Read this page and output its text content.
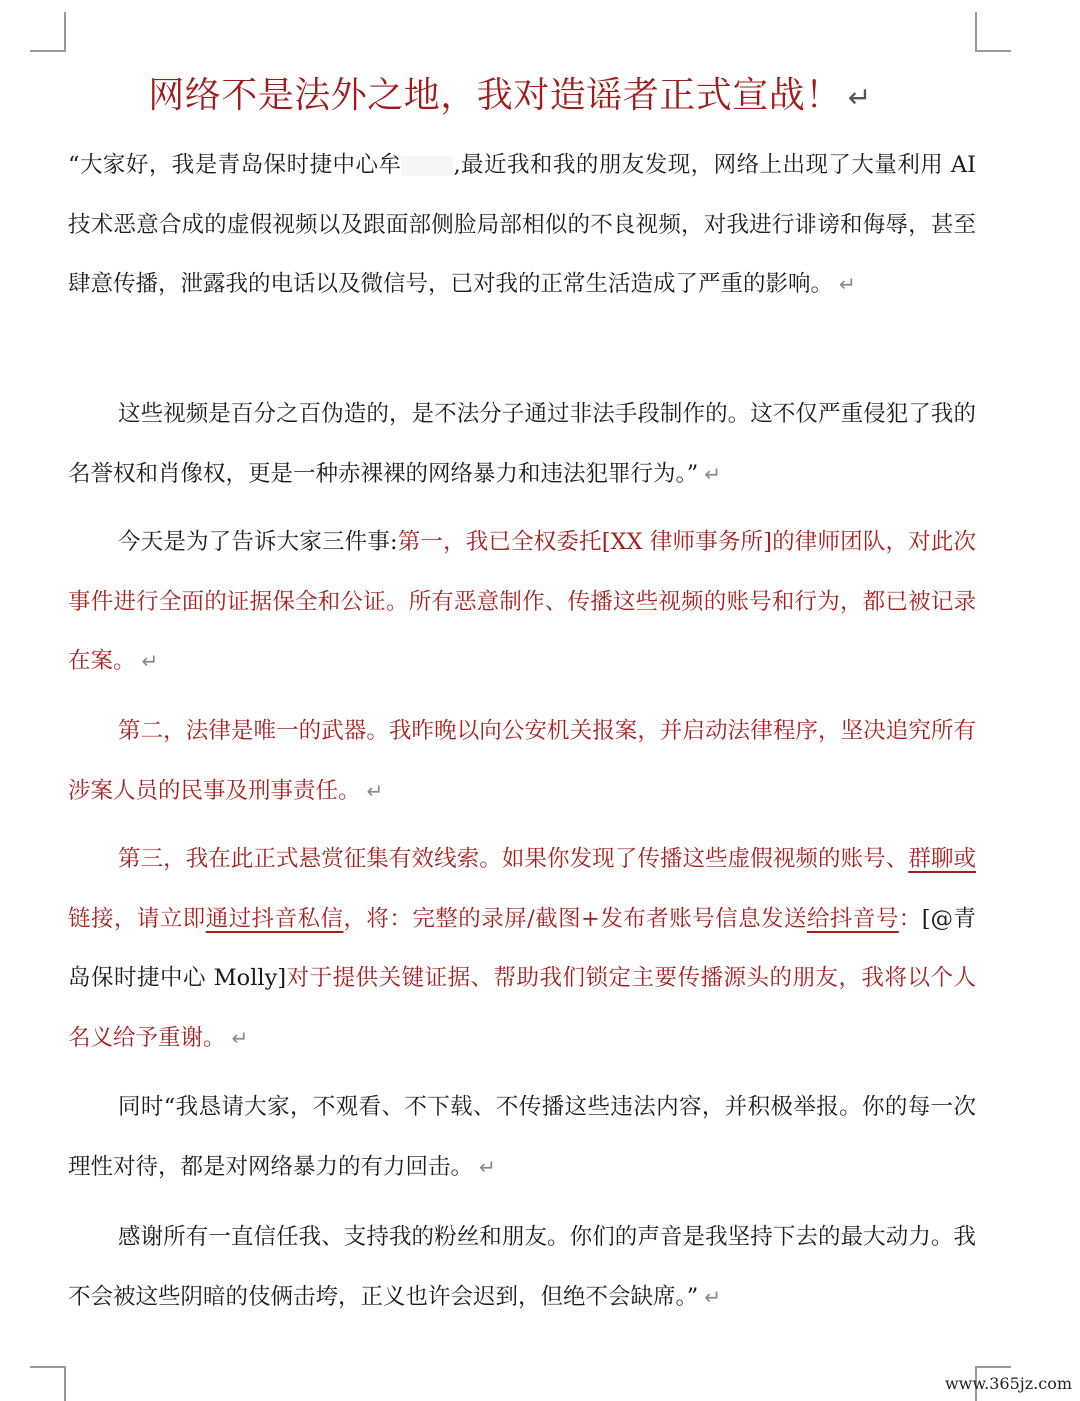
网络不是法外之地，我对造谣者正式宣战！ ↵

“大家好，我是青岛保时捷中心牟 ,最近我和我的朋友发现，网络上出现了大量利用 AI 技术恶意合成的虚假视频以及跟面部侧脸局部相似的不良视频，对我进行诽谤和侮辱，甚至肆意传播，泄露我的电话以及微信号，已对我的正常生活造成了严重的影响。 ↵

这些视频是百分之百伪造的，是不法分子通过非法手段制作的。这不仅严重侵犯了我的名誉权和肖像权，更是一种赤裸裸的网络暴力和违法犯罪行为。” ↵

今天是为了告诉大家三件事:第一，我已全权委托[XX 律师事务所]的律师团队，对此次事件进行全面的证据保全和公证。所有恶意制作、传播这些视频的账号和行为，都已被记录在案。 ↵

第二，法律是唯一的武器。我昨晚以向公安机关报案，并启动法律程序，坚决追究所有涉案人员的民事及刑事责任。 ↵

第三，我在此正式悬赏征集有效线索。如果你发现了传播这些虚假视频的账号、群聊或链接，请立即通过抖音私信，将：完整的录屏/截图+发布者账号信息发送给抖音号：[@青岛保时捷中心 Molly]对于提供关键证据、帮助我们锁定主要传播源头的朋友，我将以个人名义给予重谢。 ↵

同时“我恳请大家，不观看、不下载、不传播这些违法内容，并积极举报。你的每一次理性对待，都是对网络暴力的有力回击。 ↵

感谢所有一直信任我、支持我的粉丝和朋友。你们的声音是我坚持下去的最大动力。我不会被这些阴暗的伎俩击垮，正义也许会迟到，但绝不会缺席。” ↵

www.365jz.com
